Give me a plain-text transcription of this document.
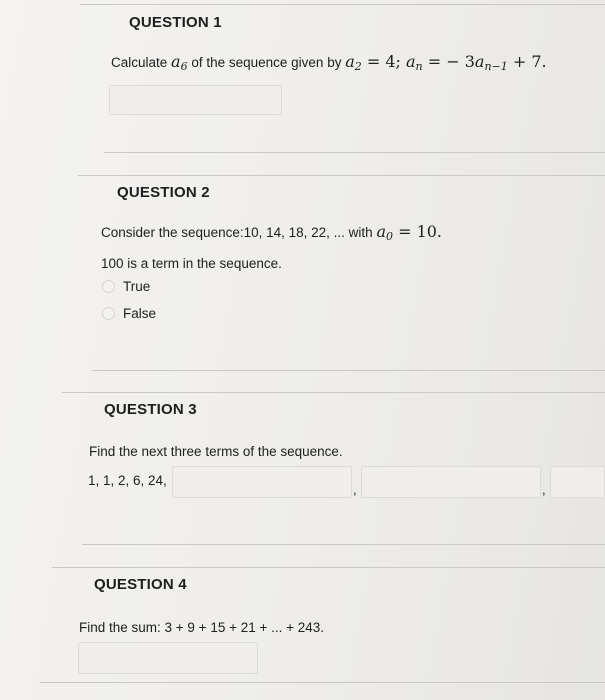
QUESTION 1
Calculate $a_6$ of the sequence given by $a_2 = 4$; $a_n$ = − $3a_{n-1} + 7$.
QUESTION 2
Consider the sequence:10, 14, 18, 22, ... with $a_0 = 10$.
100 is a term in the sequence.
True
False
QUESTION 3
Find the next three terms of the sequence.
1, 1, 2, 6, 24,
,	,
QUESTION 4
Find the sum: 3 + 9 + 15 + 21 + ... + 243.
